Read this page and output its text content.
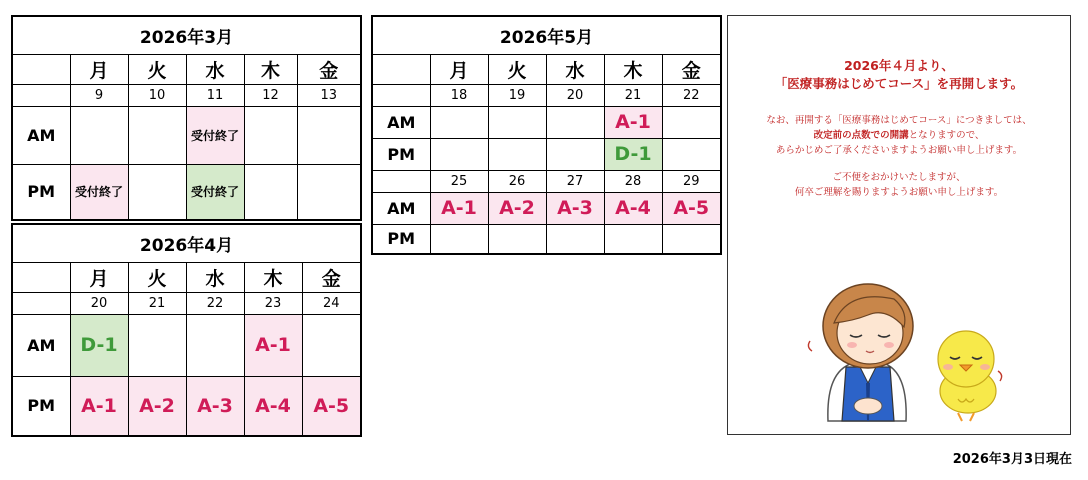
2026年3月					
	月	火	水	木	金
	9	10	11	12	13
AM			受付終了		
PM	受付終了		受付終了		
2026年4月					
	月	火	水	木	金
	20	21	22	23	24
AM	D-1			A-1	
PM	A-1	A-2	A-3	A-4	A-5
2026年5月					
	月	火	水	木	金
	18	19	20	21	22
AM				A-1	
PM				D-1	
	25	26	27	28	29
AM	A-1	A-2	A-3	A-4	A-5
PM					
2026年４月より、
「医療事務はじめてコース」を再開します。
なお、再開する「医療事務はじめてコース」につきましては、
改定前の点数での開講となりますので、
あらかじめご了承くださいますようお願い申し上げます。
ご不便をおかけいたしますが、
何卒ご理解を賜りますようお願い申し上げます。
2026年3月3日現在
